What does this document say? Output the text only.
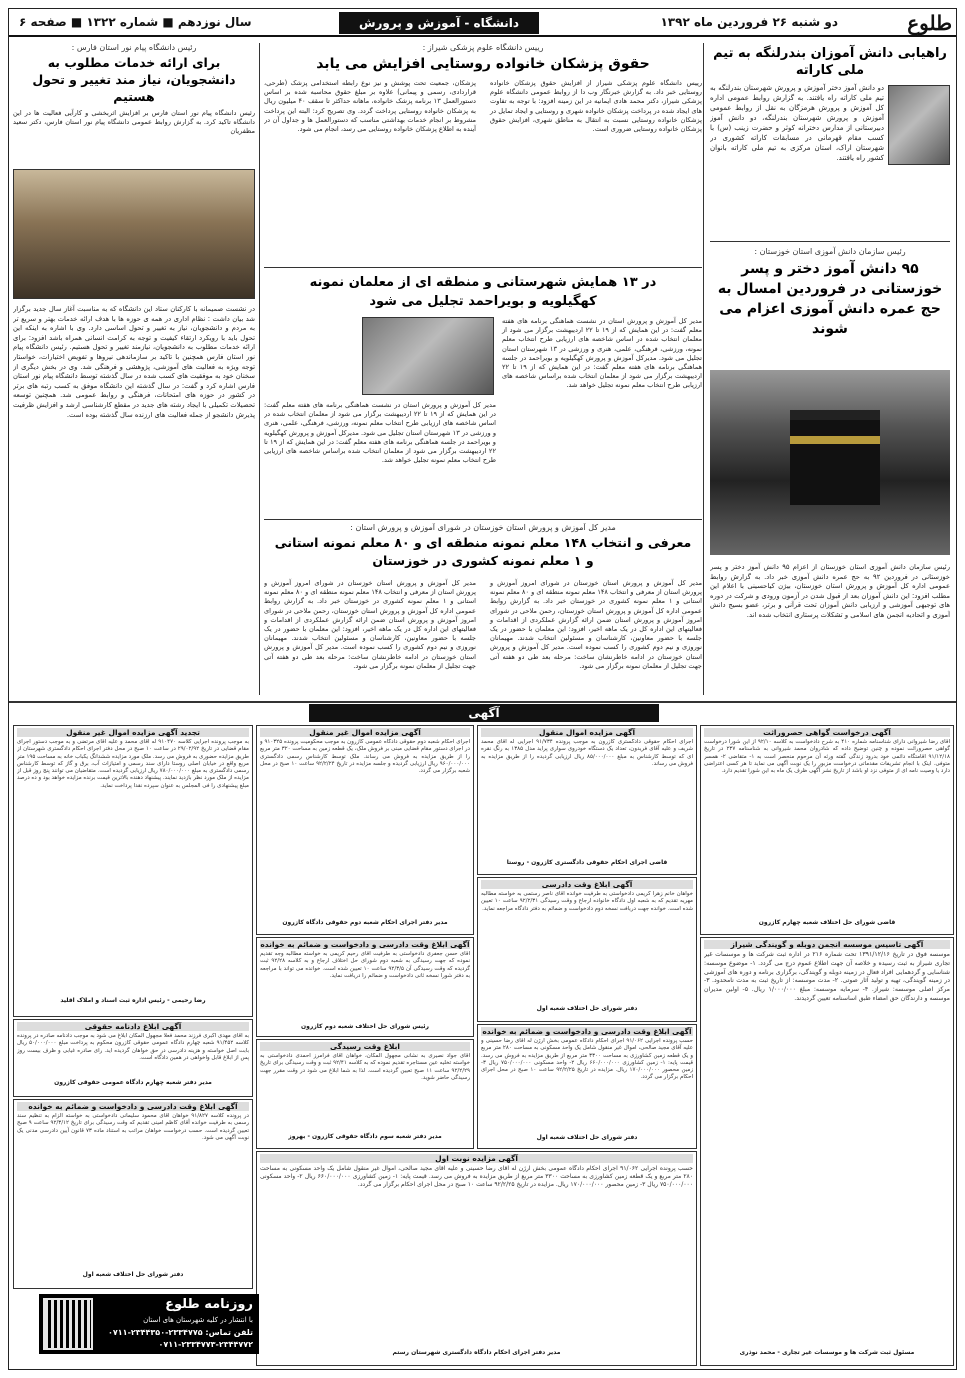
طلوع
دو شنبه ۲۶ فروردین ماه ۱۳۹۲
دانشگاه - آموزش و پرورش
سال نوزدهم ■ شماره ۱۳۲۲ ■ صفحه ۶
راهیابی دانش آموزان بندرلنگه به تیم ملی کاراته
دو دانش آموز دختر آموزش و پرورش شهرستان بندرلنگه به تیم ملی کاراته راه یافتند. به گزارش روابط عمومی اداره کل آموزش و پرورش هرمزگان به نقل از روابط عمومی آموزش و پرورش شهرستان بندرلنگه، دو دانش آموز دبیرستانی از مدارس دخترانه کوثر و حضرت زینب (س) با کسب مقام قهرمانی در مسابقات کاراته کشوری در شهرستان اراک، استان مرکزی به تیم ملی کاراته بانوان کشور راه یافتند.
رئیس سازمان دانش آموزی استان خوزستان :
۹۵ دانش آموز دختر و پسر خوزستانی در فروردین امسال به حج عمره دانش آموزی اعزام می شوند
رئیس سازمان دانش آموزی استان خوزستان از اعزام ۹۵ دانش آموز دختر و پسر خوزستانی در فروردین ۹۲ به حج عمره دانش آموزی خبر داد. به گزارش روابط عمومی اداره کل آموزش و پرورش استان خوزستان، بیژن کیاحسینی با اعلام این مطلب افزود: این دانش آموزان بعد از قبول شدن در آزمون ورودی و شرکت در دوره های توجیهی آموزشی و ارزیابی دانش آموزان تحت قرآنی و برتر، عضو بسیج دانش آموزی و اتحادیه انجمن های اسلامی و تشکلات پرستاری انتخاب شده اند.
رییس دانشگاه علوم پزشکی شیراز :
حقوق پزشکان خانواده روستایی افزایش می یابد
رییس دانشگاه علوم پزشکی شیراز از افزایش حقوق پزشکان خانواده روستایی خبر داد. به گزارش خبرنگار وب دا از روابط عمومی دانشگاه علوم پزشکی شیراز، دکتر محمد هادی ایمانیه در این زمینه افزود: با توجه به تفاوت های ایجاد شده در پرداخت پزشکان خانواده شهری و روستایی و ایجاد تمایل در پزشکان خانواده روستایی نسبت به انتقال به مناطق شهری، افزایش حقوق پزشکان خانواده روستایی ضروری است.
پزشکان، جمعیت تحت پوشش و نیز نوع رابطه استخدامی پزشک (طرحی، قراردادی، رسمی و پیمانی) علاوه بر مبلغ حقوق محاسبه شده بر اساس دستورالعمل ۱۳ برنامه پزشک خانواده، ماهانه حداکثر تا سقف ۴۰ میلیون ریال به پزشکان خانواده روستایی پرداخت گردد. وی تصریح کرد: البته این پرداخت مشروط بر انجام خدمات بهداشتی مناسب که دستورالعمل ها و جداول آن در آینده به اطلاع پزشکان خانواده روستایی می رسد، انجام می شود.
در ۱۳ همایش شهرستانی و منطقه ای از معلمان نمونه کهگیلویه و بویراحمد تجلیل می شود
مدیر کل آموزش و پرورش استان در نشست هماهنگی برنامه های هفته معلم گفت: در این همایش که از ۱۹ تا ۲۲ اردیبهشت برگزار می شود از معلمان انتخاب شده در اساس شاخصه های ارزیابی طرح انتخاب معلم نمونه، ورزشی، فرهنگی، علمی، هنری و ورزشی در ۱۳ شهرستان استان تجلیل می شود. مدیرکل آموزش و پرورش کهگیلویه و بویراحمد در جلسه هماهنگی برنامه های هفته معلم گفت: در این همایش که از ۱۹ تا ۲۲ اردیبهشت برگزار می شود از معلمان انتخاب شده براساس شاخصه های ارزیابی طرح انتخاب معلم نمونه تجلیل خواهد شد.
مدیر کل آموزش و پرورش استان در نشست هماهنگی برنامه های هفته معلم گفت: در این همایش که از ۱۹ تا ۲۲ اردیبهشت برگزار می شود از معلمان انتخاب شده در اساس شاخصه های ارزیابی طرح انتخاب معلم نمونه، ورزشی، فرهنگی، علمی، هنری و ورزشی در ۱۳ شهرستان استان تجلیل می شود. مدیرکل آموزش و پرورش کهگیلویه و بویراحمد در جلسه هماهنگی برنامه های هفته معلم گفت: در این همایش که از ۱۹ تا ۲۲ اردیبهشت برگزار می شود از معلمان انتخاب شده براساس شاخصه های ارزیابی طرح انتخاب معلم نمونه تجلیل خواهد شد.
مدیر کل آموزش و پرورش استان خوزستان در شورای آموزش و پرورش استان :
معرفی و انتخاب ۱۴۸ معلم نمونه منطقه ای و ۸۰ معلم نمونه استانی و ۱ معلم نمونه کشوری در خوزستان
مدیر کل آموزش و پرورش استان خوزستان در شورای امروز آموزش و پرورش استان از معرفی و انتخاب ۱۴۸ معلم نمونه منطقه ای و ۸۰ معلم نمونه استانی و ۱ معلم نمونه کشوری در خوزستان خبر داد. به گزارش روابط عمومی اداره کل آموزش و پرورش استان خوزستان، رحمن ملاحی در شورای امروز آموزش و پرورش استان ضمن ارائه گزارش عملکردی از اقدامات و فعالیتهای این اداره کل در یک ماهه اخیر، افزود: این معلمان با حضور در یک جلسه با حضور معاونین، کارشناسان و مسئولین انتخاب شدند. مهیمانان نوروزی و نیم دوم کشوری را کسب نموده است. مدیر کل آموزش و پرورش استان خوزستان در ادامه خاطرنشان ساخت: مرحله بعد طی دو هفته آتی جهت تجلیل از معلمان نمونه برگزار می شود.
مدیر کل آموزش و پرورش استان خوزستان در شورای امروز آموزش و پرورش استان از معرفی و انتخاب ۱۴۸ معلم نمونه منطقه ای و ۸۰ معلم نمونه استانی و ۱ معلم نمونه کشوری در خوزستان خبر داد. به گزارش روابط عمومی اداره کل آموزش و پرورش استان خوزستان، رحمن ملاحی در شورای امروز آموزش و پرورش استان ضمن ارائه گزارش عملکردی از اقدامات و فعالیتهای این اداره کل در یک ماهه اخیر، افزود: این معلمان با حضور در یک جلسه با حضور معاونین، کارشناسان و مسئولین انتخاب شدند. مهیمانان نوروزی و نیم دوم کشوری را کسب نموده است. مدیر کل آموزش و پرورش استان خوزستان در ادامه خاطرنشان ساخت: مرحله بعد طی دو هفته آتی جهت تجلیل از معلمان نمونه برگزار می شود.
رئیس دانشگاه پیام نور استان فارس :
برای ارائه خدمات مطلوب به دانشجویان، نیاز مند تغییر و تحول هستیم
رئیس دانشگاه پیام نور استان فارس بر افزایش اثربخشی و کارآیی فعالیت ها در این دانشگاه تاکید کرد. به گزارش روابط عمومی دانشگاه پیام نور استان فارس، دکتر سعید مظفریان
در نشست صمیمانه با کارکنان ستاد این دانشگاه که به مناسبت آغاز سال جدید برگزار شد بیان داشت : نظام اداری در همه ی حوزه ها با هدف ارائه خدمات بهتر و سریع تر به مردم و دانشجویان، نیاز به تغییر و تحول اساسی دارد. وی با اشاره به اینکه این تحول باید با رویکرد ارتقاء کیفیت و توجه به کرامت انسانی همراه باشد افزود: برای ارائه خدمات مطلوب به دانشجویان، نیازمند تغییر و تحول هستیم. رئیس دانشگاه پیام نور استان فارس همچنین با تاکید بر سازماندهی نیروها و تفویض اختیارات، خواستار توجه ویژه به فعالیت های آموزشی، پژوهشی و فرهنگی شد. وی در بخش دیگری از سخنان خود به موفقیت های کسب شده در سال گذشته توسط دانشگاه پیام نور استان فارس اشاره کرد و گفت: در سال گذشته این دانشگاه موفق به کسب رتبه های برتر در کشور در حوزه های امتحانات، فرهنگی و روابط عمومی شد. همچنین توسعه تحصیلات تکمیلی با ایجاد رشته های جدید در مقطع کارشناسی ارشد و افزایش ظرفیت پذیرش دانشجو از جمله فعالیت های ارزنده سال گذشته بوده است.
آگهی
تجدید آگهی مزایده اموال غیر منقول
به موجب پرونده اجرایی کلاسه ۹۱۰۴۷۰ له آقای محمد و علیه آقای مرتضی و به موجب دستور اجرای مقام قضایی در تاریخ ۲۹/۰۲/۹۲ در ساعت ۱۰ صبح در محل دفتر اجرای احکام دادگستری شهرستان از طریق مزایده حضوری به فروش می رسد. ملک مورد مزایده ششدانگ یکباب خانه به مساحت ۱۹۵ متر مربع واقع در خیابان اصلی روستا دارای سند رسمی و امتیازات آب، برق و گاز که توسط کارشناس رسمی دادگستری به مبلغ ۷۸۰/۰۰۰/۰۰۰ ریال ارزیابی گردیده است. متقاضیان می توانند پنج روز قبل از مزایده از ملک مورد نظر بازدید نمایند. پیشنهاد دهنده بالاترین قیمت برنده مزایده خواهد بود و ده درصد مبلغ پیشنهادی را فی المجلس به عنوان سپرده نقدا پرداخت نماید.
رضا رحیمی - رئیس اداره ثبت اسناد و املاک اقلید
آگهی ابلاغ دادنامه حقوقی
به آقای مهدی اکبری فرزند محمد فعلاً مجهول المکان ابلاغ می شود به موجب دادنامه صادره در پرونده کلاسه ۹۱/۴۵۲ شعبه چهارم دادگاه عمومی حقوقی کازرون محکوم به پرداخت مبلغ ۵۰/۰۰۰/۰۰۰ ریال بابت اصل خواسته و هزینه دادرسی در حق خواهان گردیده اید. رای صادره غیابی و ظرف بیست روز پس از ابلاغ قابل واخواهی در همین دادگاه است.
مدیر دفتر شعبه چهارم دادگاه عمومی حقوقی کازرون
آگهی ابلاغ وقت دادرسی و دادخواست و ضمائم به خوانده
در پرونده کلاسه ۹۱/۸۲۷ خواهان آقای محمود سلیمانی دادخواستی به خواسته الزام به تنظیم سند رسمی به طرفیت خوانده آقای کاظم امینی تقدیم که وقت رسیدگی برای تاریخ ۹۲/۳/۱۲ ساعت ۹ صبح تعیین گردیده است. حسب درخواست خواهان مراتب به استناد ماده ۷۳ قانون آیین دادرسی مدنی یک نوبت آگهی می شود.
دفتر شورای حل اختلاف شعبه اول
آگهی مزایده اموال غیر منقول
اجرای احکام شعبه دوم حقوقی دادگاه عمومی کازرون به موجب محکومیت پرونده ۹۱۰۳۲۵ و در اجرای دستور مقام قضایی مبنی بر فروش ملک، یک قطعه زمین به مساحت ۳۲۰ متر مربع را از طریق مزایده به فروش می رساند. ملک توسط کارشناس رسمی دادگستری ۹۶۰/۰۰۰/۰۰۰ ریال ارزیابی گردیده و جلسه مزایده در تاریخ ۹۲/۲/۲۴ ساعت ۱۰ صبح در محل شعبه برگزار می گردد.
مدیر دفتر اجرای احکام شعبه دوم حقوقی دادگاه کازرون
آگهی ابلاغ وقت دادرسی و دادخواست و ضمائم به خوانده
آقای حسن جعفری دادخواستی به طرفیت آقای رحیم کریمی به خواسته مطالبه وجه تقدیم نموده که جهت رسیدگی به شعبه دوم شورای حل اختلاف ارجاع و به کلاسه ۹۲/۲۸ ثبت گردیده که وقت رسیدگی آن ۹۲/۳/۵ ساعت ۱۰ تعیین شده است. خوانده می تواند با مراجعه به دفتر شورا نسخه ثانی دادخواست و ضمائم را دریافت نماید.
رئیس شورای حل اختلاف شعبه دوم کازرون
ابلاغ وقت رسیدگی
آقای جواد نصیری به نشانی مجهول المکان، خواهان آقای فرامرز احمدی دادخواستی به خواسته تخلیه عین مستاجره تقدیم نموده که به کلاسه ۹۲/۴۱ ثبت و وقت رسیدگی برای تاریخ ۹۲/۲/۲۹ ساعت ۱۱ صبح تعیین گردیده است. لذا به شما ابلاغ می شود در وقت مقرر جهت رسیدگی حاضر شوید.
مدیر دفتر شعبه سوم دادگاه حقوقی کازرون - بهروز
آگهی مزایده اموال منقول
اجرای احکام حقوقی دادگستری کازرون به موجب پرونده ۹۱/۷۳۴ اجرایی له آقای محمد شریف و علیه آقای فریدون، تعداد یک دستگاه خودروی سواری پراید مدل ۱۳۸۵ به رنگ نقره ای که توسط کارشناس به مبلغ ۸۵/۰۰۰/۰۰۰ ریال ارزیابی گردیده را از طریق مزایده به فروش می رساند.
قاضی اجرای احکام حقوقی دادگستری کازرون - روستا
آگهی ابلاغ وقت دادرسی
خواهان خانم زهرا کریمی دادخواستی به طرفیت خوانده آقای ناصر رستمی به خواسته مطالبه مهریه تقدیم که به شعبه اول دادگاه خانواده ارجاع و وقت رسیدگی ۹۲/۲/۳۱ ساعت ۱۰ تعیین شده است. خوانده جهت دریافت نسخه دوم دادخواست و ضمائم به دفتر دادگاه مراجعه نماید.
دفتر شورای حل اختلاف شعبه اول
آگهی ابلاغ وقت دادرسی و دادخواست و ضمائم به خوانده
حسب پرونده اجرایی ۹۱/۰۶۲ اجرای احکام دادگاه عمومی بخش ارژن له آقای رضا حسینی و علیه آقای مجید صالحی، اموال غیر منقول شامل یک واحد مسکونی به مساحت ۲۸۰ متر مربع و یک قطعه زمین کشاورزی به مساحت ۳۳۰۰ متر مربع از طریق مزایده به فروش می رسد. قیمت پایه: ۱- زمین کشاورزی ۶۶۰/۰۰۰/۰۰۰ ریال ۲- واحد مسکونی ۷۵۰/۰۰۰/۰۰۰ ریال ۳- زمین محصور ۱۷۰/۰۰۰/۰۰۰ ریال. مزایده در تاریخ ۹۲/۲/۲۵ ساعت ۱۰ صبح در محل اجرای احکام برگزار می گردد.
دفتر شورای حل اختلاف شعبه اول
آگهی مزایده نوبت اول
حسب پرونده اجرایی ۹۱/۰۶۲ اجرای احکام دادگاه عمومی بخش ارژن له آقای رضا حسینی و علیه آقای مجید صالحی، اموال غیر منقول شامل یک واحد مسکونی به مساحت ۲۸۰ متر مربع و یک قطعه زمین کشاورزی به مساحت ۳۳۰۰ متر مربع از طریق مزایده به فروش می رسد. قیمت پایه: ۱- زمین کشاورزی ۶۶۰/۰۰۰/۰۰۰ ریال ۲- واحد مسکونی ۷۵۰/۰۰۰/۰۰۰ ریال ۳- زمین محصور ۱۷۰/۰۰۰/۰۰۰ ریال. مزایده در تاریخ ۹۲/۲/۲۵ ساعت ۱۰ صبح در محل اجرای احکام برگزار می گردد.
مدیر دفتر اجرای احکام دادگاه دادگستری شهرستان رستم
آگهی درخواست گواهی حصروراثت
آقای رضا شیروانی دارای شناسنامه شماره ۴۱۰ به شرح دادخواست به کلاسه ۹۲/۱۰ از این شورا درخواست گواهی حصروراثت نموده و چنین توضیح داده که شادروان محمد شیروانی به شناسنامه ۲۳۷ در تاریخ ۹۱/۱۲/۱۸ اقامتگاه دائمی خود بدرود زندگی گفته ورثه آن مرحوم منحصر است به ۱- متقاضی ۲- همسر متوفی. اینک با انجام تشریفات مقدماتی درخواست مزبور را یک نوبت آگهی می نماید تا هر کسی اعتراضی دارد یا وصیت نامه ای از متوفی نزد او باشد از تاریخ نشر آگهی ظرف یک ماه به این شورا تقدیم دارد.
قاضی شورای حل اختلاف شعبه چهارم کازرون
آگهی تاسیس موسسه انجمن دوبله و گویندگی شیراز
موسسه فوق در تاریخ ۱۳۹۱/۱۲/۱۶ تحت شماره ۲۱۶ در اداره ثبت شرکت ها و موسسات غیر تجاری شیراز به ثبت رسیده و خلاصه آن جهت اطلاع عموم درج می گردد. ۱- موضوع موسسه: شناسایی و گردهمایی افراد فعال در زمینه دوبله و گویندگی، برگزاری برنامه و دوره های آموزشی در زمینه گویندگی، تهیه و تولید آثار صوتی. ۲- مدت موسسه: از تاریخ ثبت به مدت نامحدود. ۳- مرکز اصلی موسسه: شیراز. ۴- سرمایه موسسه: مبلغ ۱/۰۰۰/۰۰۰ ریال. ۵- اولین مدیران موسسه و دارندگان حق امضاء طبق اساسنامه تعیین گردیدند.
مسئول ثبت شرکت ها و موسسات غیر تجاری - محمد نوذری
روزنامه طلوع
با انتشار در کلیه شهرستان های استان
تلفن تماس: ۲۳۳۴۷۷۵-۲۳۴۴۳۵۰-۰۷۱۱
۰۷۱۱-۲۳۳۴۷۷۳-۲۳۴۴۷۷۲
